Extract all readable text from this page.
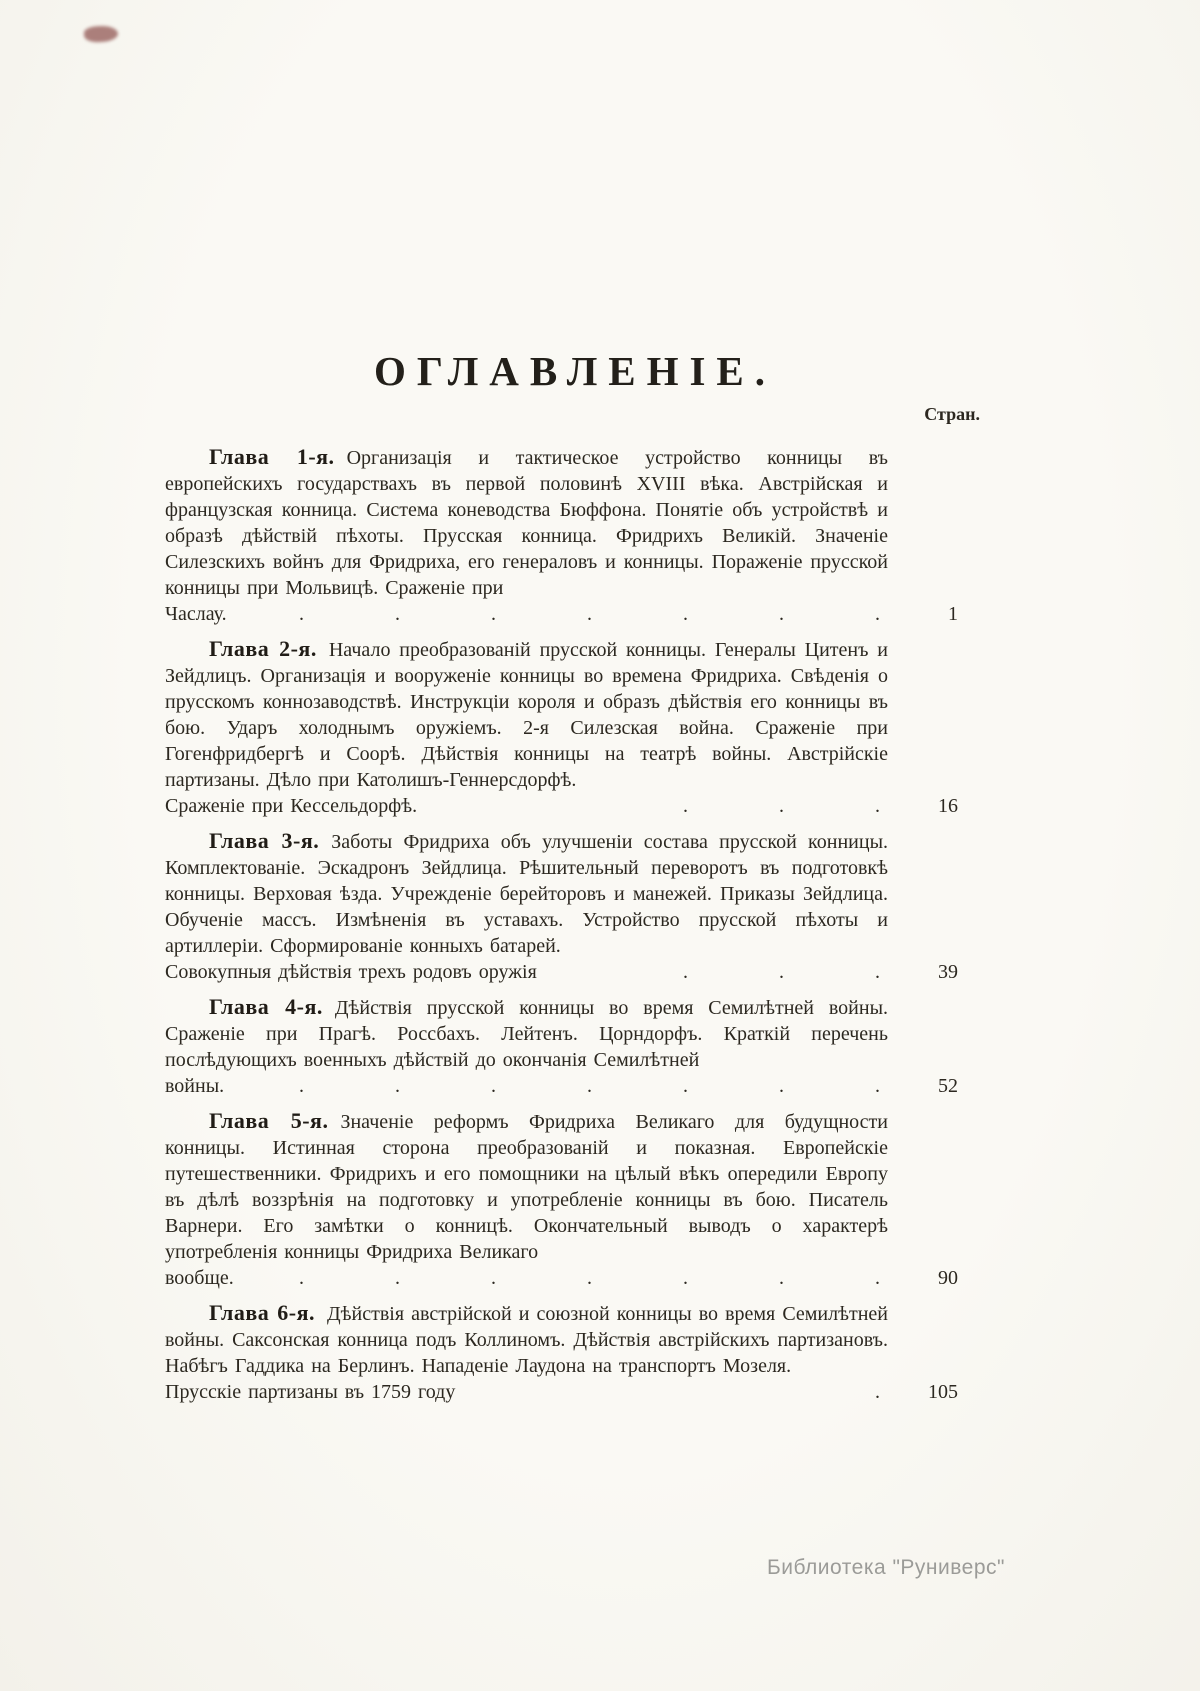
ОГЛАВЛЕНІЕ.
Стран.

Глава 1-я. Организація и тактическое устройство конницы въ европейскихъ государствахъ въ первой половинѣ XVIII вѣка. Австрійская и французская конница. Система коневодства Бюффона. Понятіе объ устройствѣ и образѣ дѣйствій пѣхоты. Прусская конница. Фридрихъ Великій. Значеніе Силезскихъ войнъ для Фридриха, его генераловъ и конницы. Пораженіе прусской конницы при Мольвицѣ. Сраженіе при

Часлау.	. . . . . . .	1

Глава 2-я. Начало преобразованій прусской конницы. Генералы Цитенъ и Зейдлицъ. Организація и вооруженіе конницы во времена Фридриха. Свѣденія о прусскомъ коннозаводствѣ. Инструкціи короля и образъ дѣйствія его конницы въ бою. Ударъ холоднымъ оружіемъ. 2-я Силезская война. Сраженіе при Гогенфридбергѣ и Соорѣ. Дѣйствія конницы на театрѣ войны. Австрійскіе партизаны. Дѣло при Католишъ-Геннерсдорфѣ.

Сраженіе при Кессельдорфѣ.	. . .	16

Глава 3-я. Заботы Фридриха объ улучшеніи состава прусской конницы. Комплектованіе. Эскадронъ Зейдлица. Рѣшительный переворотъ въ подготовкѣ конницы. Верховая ѣзда. Учрежденіе берейторовъ и манежей. Приказы Зейдлица. Обученіе массъ. Измѣненія въ уставахъ. Устройство прусской пѣхоты и артиллеріи. Сформированіе конныхъ батарей.

Совокупныя дѣйствія трехъ родовъ оружія	. . .	39

Глава 4-я. Дѣйствія прусской конницы во время Семилѣтней войны. Сраженіе при Прагѣ. Россбахъ. Лейтенъ. Цорндорфъ. Краткій перечень послѣдующихъ военныхъ дѣйствій до окончанія Семилѣтней

войны.	. . . . . . .	52

Глава 5-я. Значеніе реформъ Фридриха Великаго для будущности конницы. Истинная сторона преобразованій и показная. Европейскіе путешественники. Фридрихъ и его помощники на цѣлый вѣкъ опередили Европу въ дѣлѣ воззрѣнія на подготовку и употребленіе конницы въ бою. Писатель Варнери. Его замѣтки о конницѣ. Окончательный выводъ о характерѣ употребленія конницы Фридриха Великаго

вообще.	. . . . . . .	90

Глава 6-я. Дѣйствія австрійской и союзной конницы во время Семилѣтней войны. Саксонская конница подъ Коллиномъ. Дѣйствія австрійскихъ партизановъ. Набѣгъ Гаддика на Берлинъ. Нападеніе Лаудона на транспортъ Мозеля.

Прусскіе партизаны въ 1759 году	.	105
Библиотека "Руниверс"
